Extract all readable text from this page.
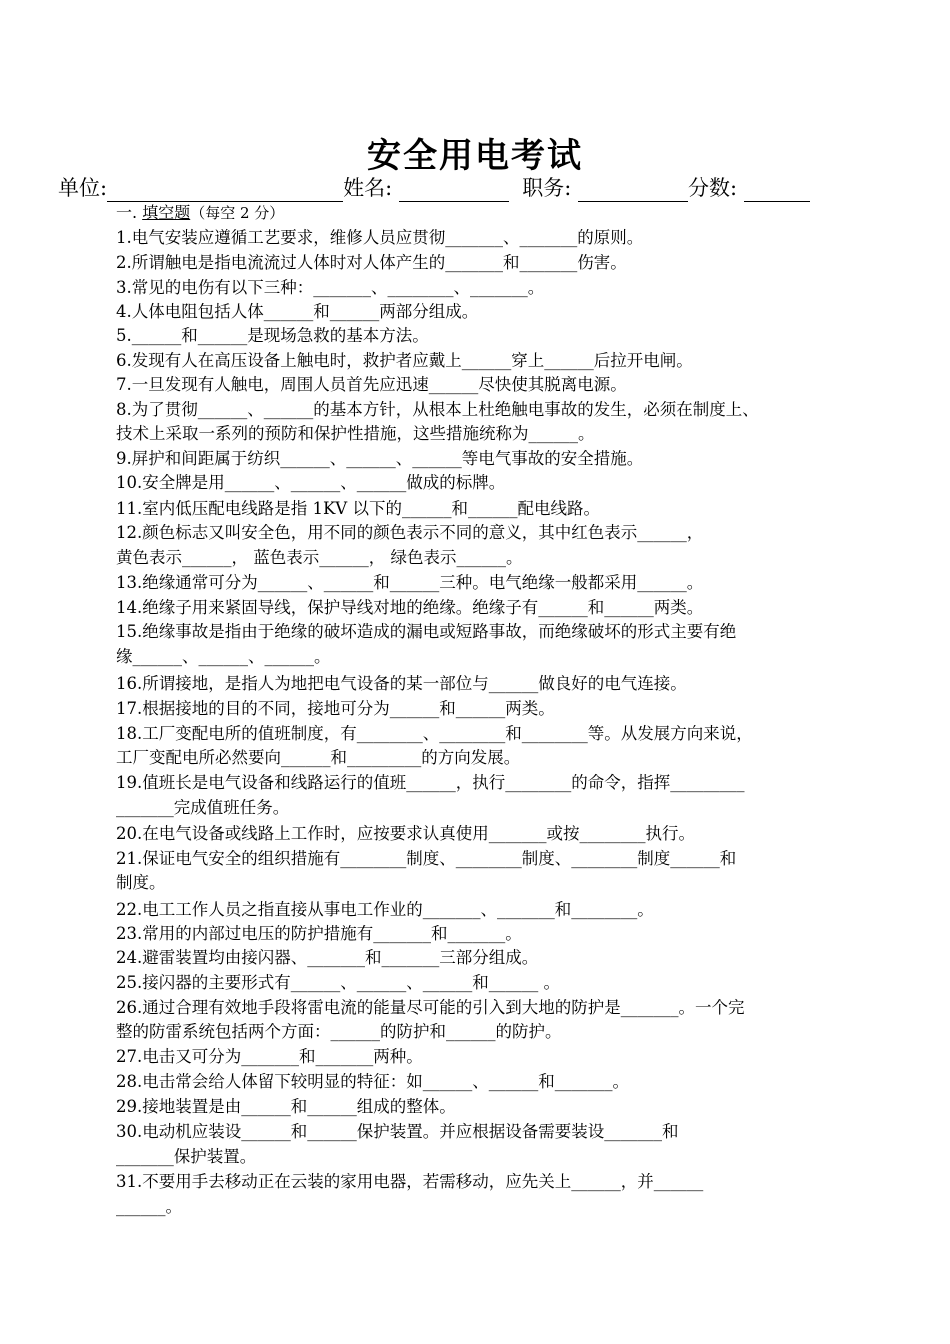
安全用电考试
单位:	姓名:	职务:	分数:
一. 填空题（每空 2 分）
1.电气安装应遵循工艺要求，维修人员应贯彻_______、_______的原则。
2.所谓触电是指电流流过人体时对人体产生的_______和_______伤害。
3.常见的电伤有以下三种：_______、________、_______。
4.人体电阻包括人体______和______两部分组成。
5.______和______是现场急救的基本方法。
6.发现有人在高压设备上触电时，救护者应戴上______穿上______后拉开电闸。
7.一旦发现有人触电，周围人员首先应迅速______尽快使其脱离电源。
8.为了贯彻______、______的基本方针，从根本上杜绝触电事故的发生，必须在制度上、
技术上采取一系列的预防和保护性措施，这些措施统称为______。
9.屏护和间距属于纺织______、______、______等电气事故的安全措施。
10.安全牌是用______、______、______做成的标牌。
11.室内低压配电线路是指 1KV 以下的______和______配电线路。
12.颜色标志又叫安全色，用不同的颜色表示不同的意义，其中红色表示______，
黄色表示______， 蓝色表示______， 绿色表示______。
13.绝缘通常可分为______、______和______三种。电气绝缘一般都采用______。
14.绝缘子用来紧固导线，保护导线对地的绝缘。绝缘子有______和______两类。
15.绝缘事故是指由于绝缘的破坏造成的漏电或短路事故，而绝缘破坏的形式主要有绝
缘______、______、______。
16.所谓接地，是指人为地把电气设备的某一部位与______做良好的电气连接。
17.根据接地的目的不同，接地可分为______和______两类。
18.工厂变配电所的值班制度，有________、________和________等。从发展方向来说，
工厂变配电所必然要向______和_________的方向发展。
19.值班长是电气设备和线路运行的值班______，执行________的命令，指挥_________
_______完成值班任务。
20.在电气设备或线路上工作时，应按要求认真使用_______或按________执行。
21.保证电气安全的组织措施有________制度、________制度、________制度______和
制度。
22.电工工作人员之指直接从事电工作业的_______、_______和________。
23.常用的内部过电压的防护措施有_______和_______。
24.避雷装置均由接闪器、_______和_______三部分组成。
25.接闪器的主要形式有______、______、______和______ 。
26.通过合理有效地手段将雷电流的能量尽可能的引入到大地的防护是_______。一个完
整的防雷系统包括两个方面：______的防护和______的防护。
27.电击又可分为_______和_______两种。
28.电击常会给人体留下较明显的特征：如______、______和_______。
29.接地装置是由______和______组成的整体。
30.电动机应装设______和______保护装置。并应根据设备需要装设_______和
_______保护装置。
31.不要用手去移动正在云装的家用电器，若需移动，应先关上______，并______
______。
